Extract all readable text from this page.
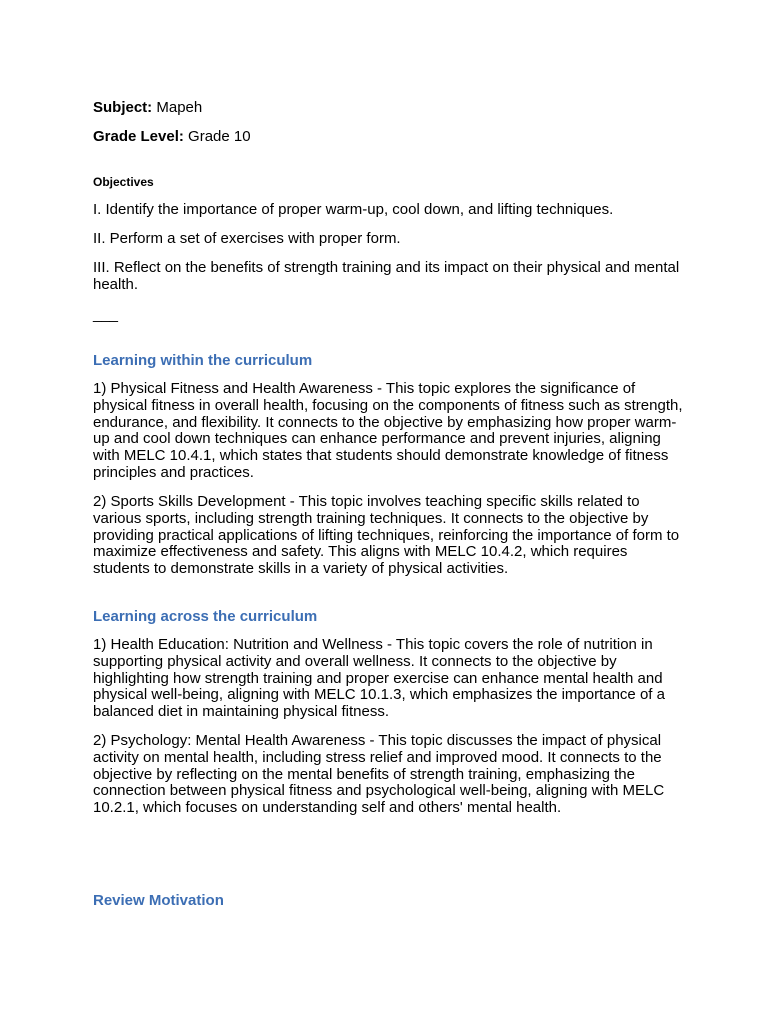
Subject: Mapeh
Grade Level: Grade 10
Objectives
I. Identify the importance of proper warm-up, cool down, and lifting techniques.
II. Perform a set of exercises with proper form.
III. Reflect on the benefits of strength training and its impact on their physical and mental health.
___
Learning within the curriculum
1) Physical Fitness and Health Awareness - This topic explores the significance of physical fitness in overall health, focusing on the components of fitness such as strength, endurance, and flexibility. It connects to the objective by emphasizing how proper warm-up and cool down techniques can enhance performance and prevent injuries, aligning with MELC 10.4.1, which states that students should demonstrate knowledge of fitness principles and practices.
2) Sports Skills Development - This topic involves teaching specific skills related to various sports, including strength training techniques. It connects to the objective by providing practical applications of lifting techniques, reinforcing the importance of form to maximize effectiveness and safety. This aligns with MELC 10.4.2, which requires students to demonstrate skills in a variety of physical activities.
Learning across the curriculum
1) Health Education: Nutrition and Wellness - This topic covers the role of nutrition in supporting physical activity and overall wellness. It connects to the objective by highlighting how strength training and proper exercise can enhance mental health and physical well-being, aligning with MELC 10.1.3, which emphasizes the importance of a balanced diet in maintaining physical fitness.
2) Psychology: Mental Health Awareness - This topic discusses the impact of physical activity on mental health, including stress relief and improved mood. It connects to the objective by reflecting on the mental benefits of strength training, emphasizing the connection between physical fitness and psychological well-being, aligning with MELC 10.2.1, which focuses on understanding self and others' mental health.
Review Motivation
